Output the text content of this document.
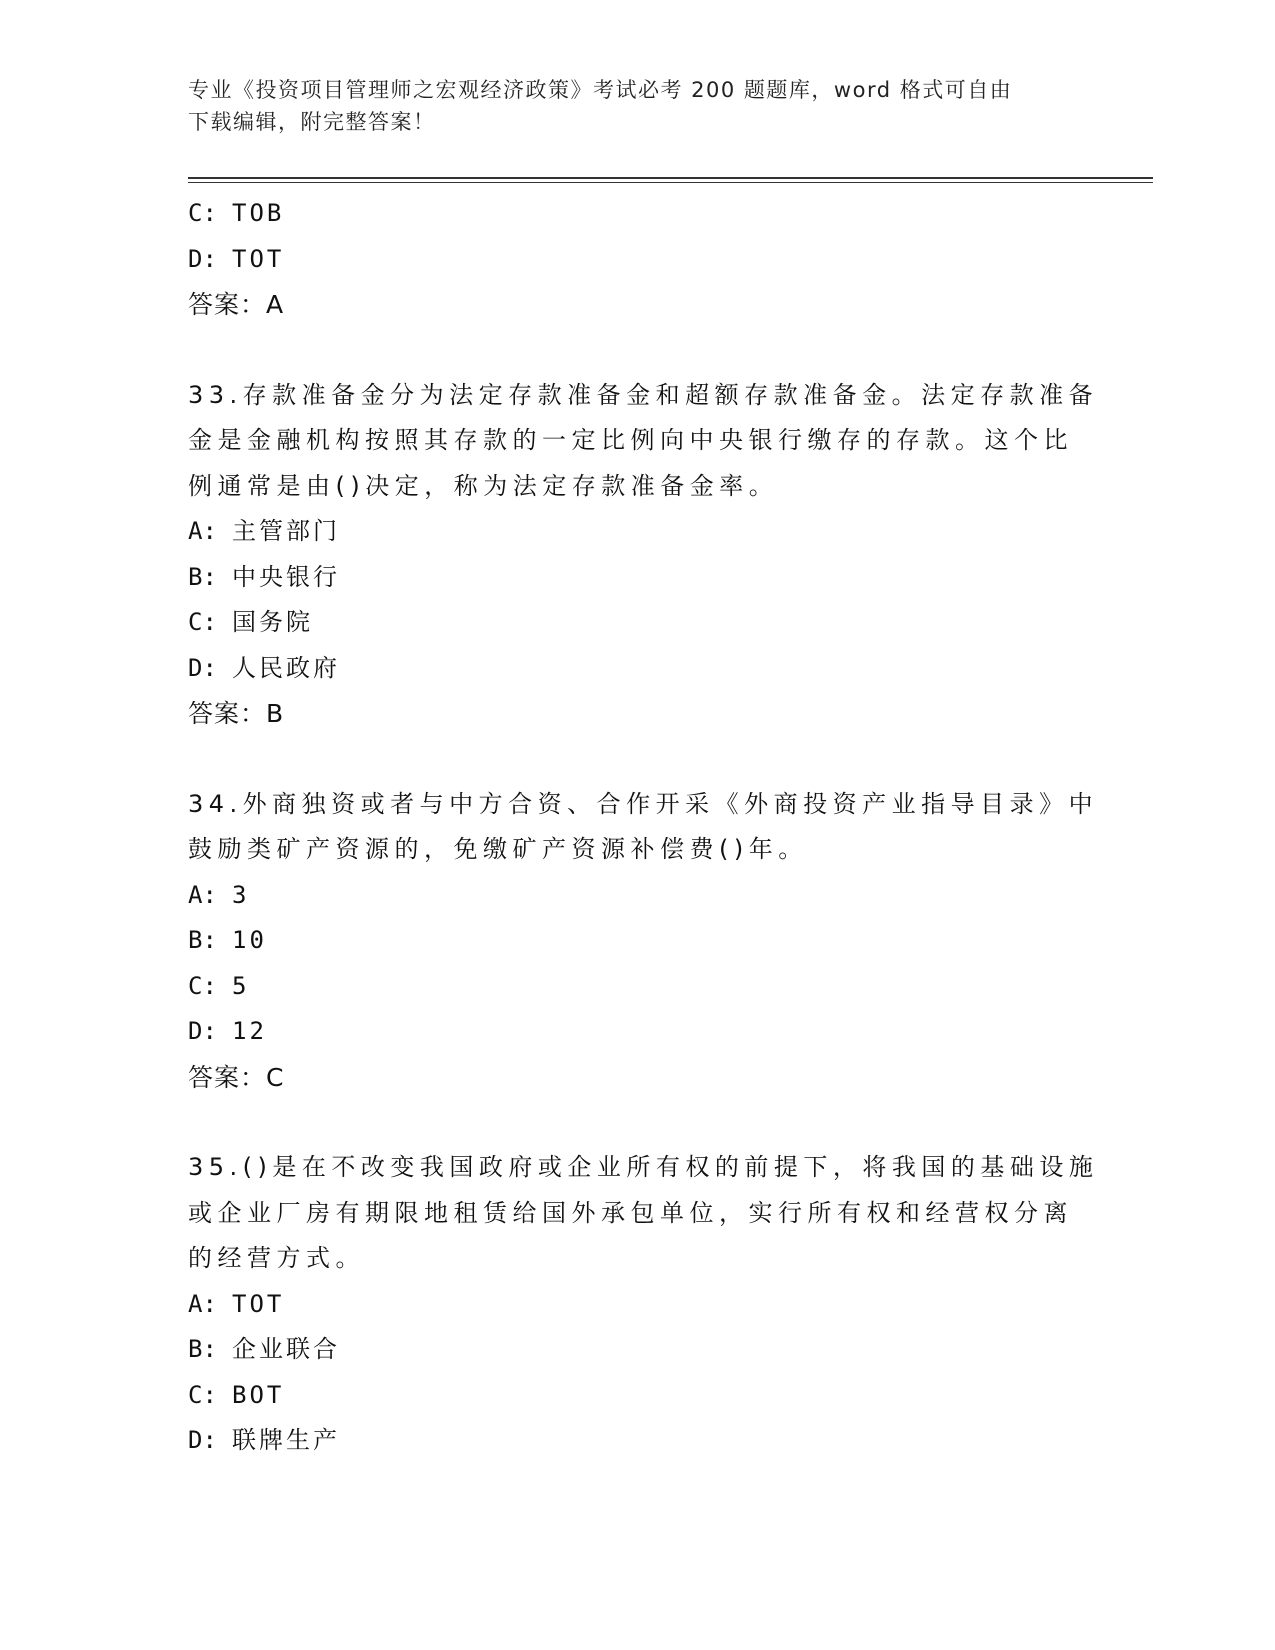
专业《投资项目管理师之宏观经济政策》考试必考 200 题题库，word 格式可自由
下载编辑，附完整答案！
C: TOB
D: TOT
答案：A
33.存款准备金分为法定存款准备金和超额存款准备金。法定存款准备
金是金融机构按照其存款的一定比例向中央银行缴存的存款。这个比
例通常是由()决定，称为法定存款准备金率。
A: 主管部门
B: 中央银行
C: 国务院
D: 人民政府
答案：B
34.外商独资或者与中方合资、合作开采《外商投资产业指导目录》中
鼓励类矿产资源的，免缴矿产资源补偿费()年。
A: 3
B: 10
C: 5
D: 12
答案：C
35.()是在不改变我国政府或企业所有权的前提下，将我国的基础设施
或企业厂房有期限地租赁给国外承包单位，实行所有权和经营权分离
的经营方式。
A: TOT
B: 企业联合
C: BOT
D: 联牌生产
